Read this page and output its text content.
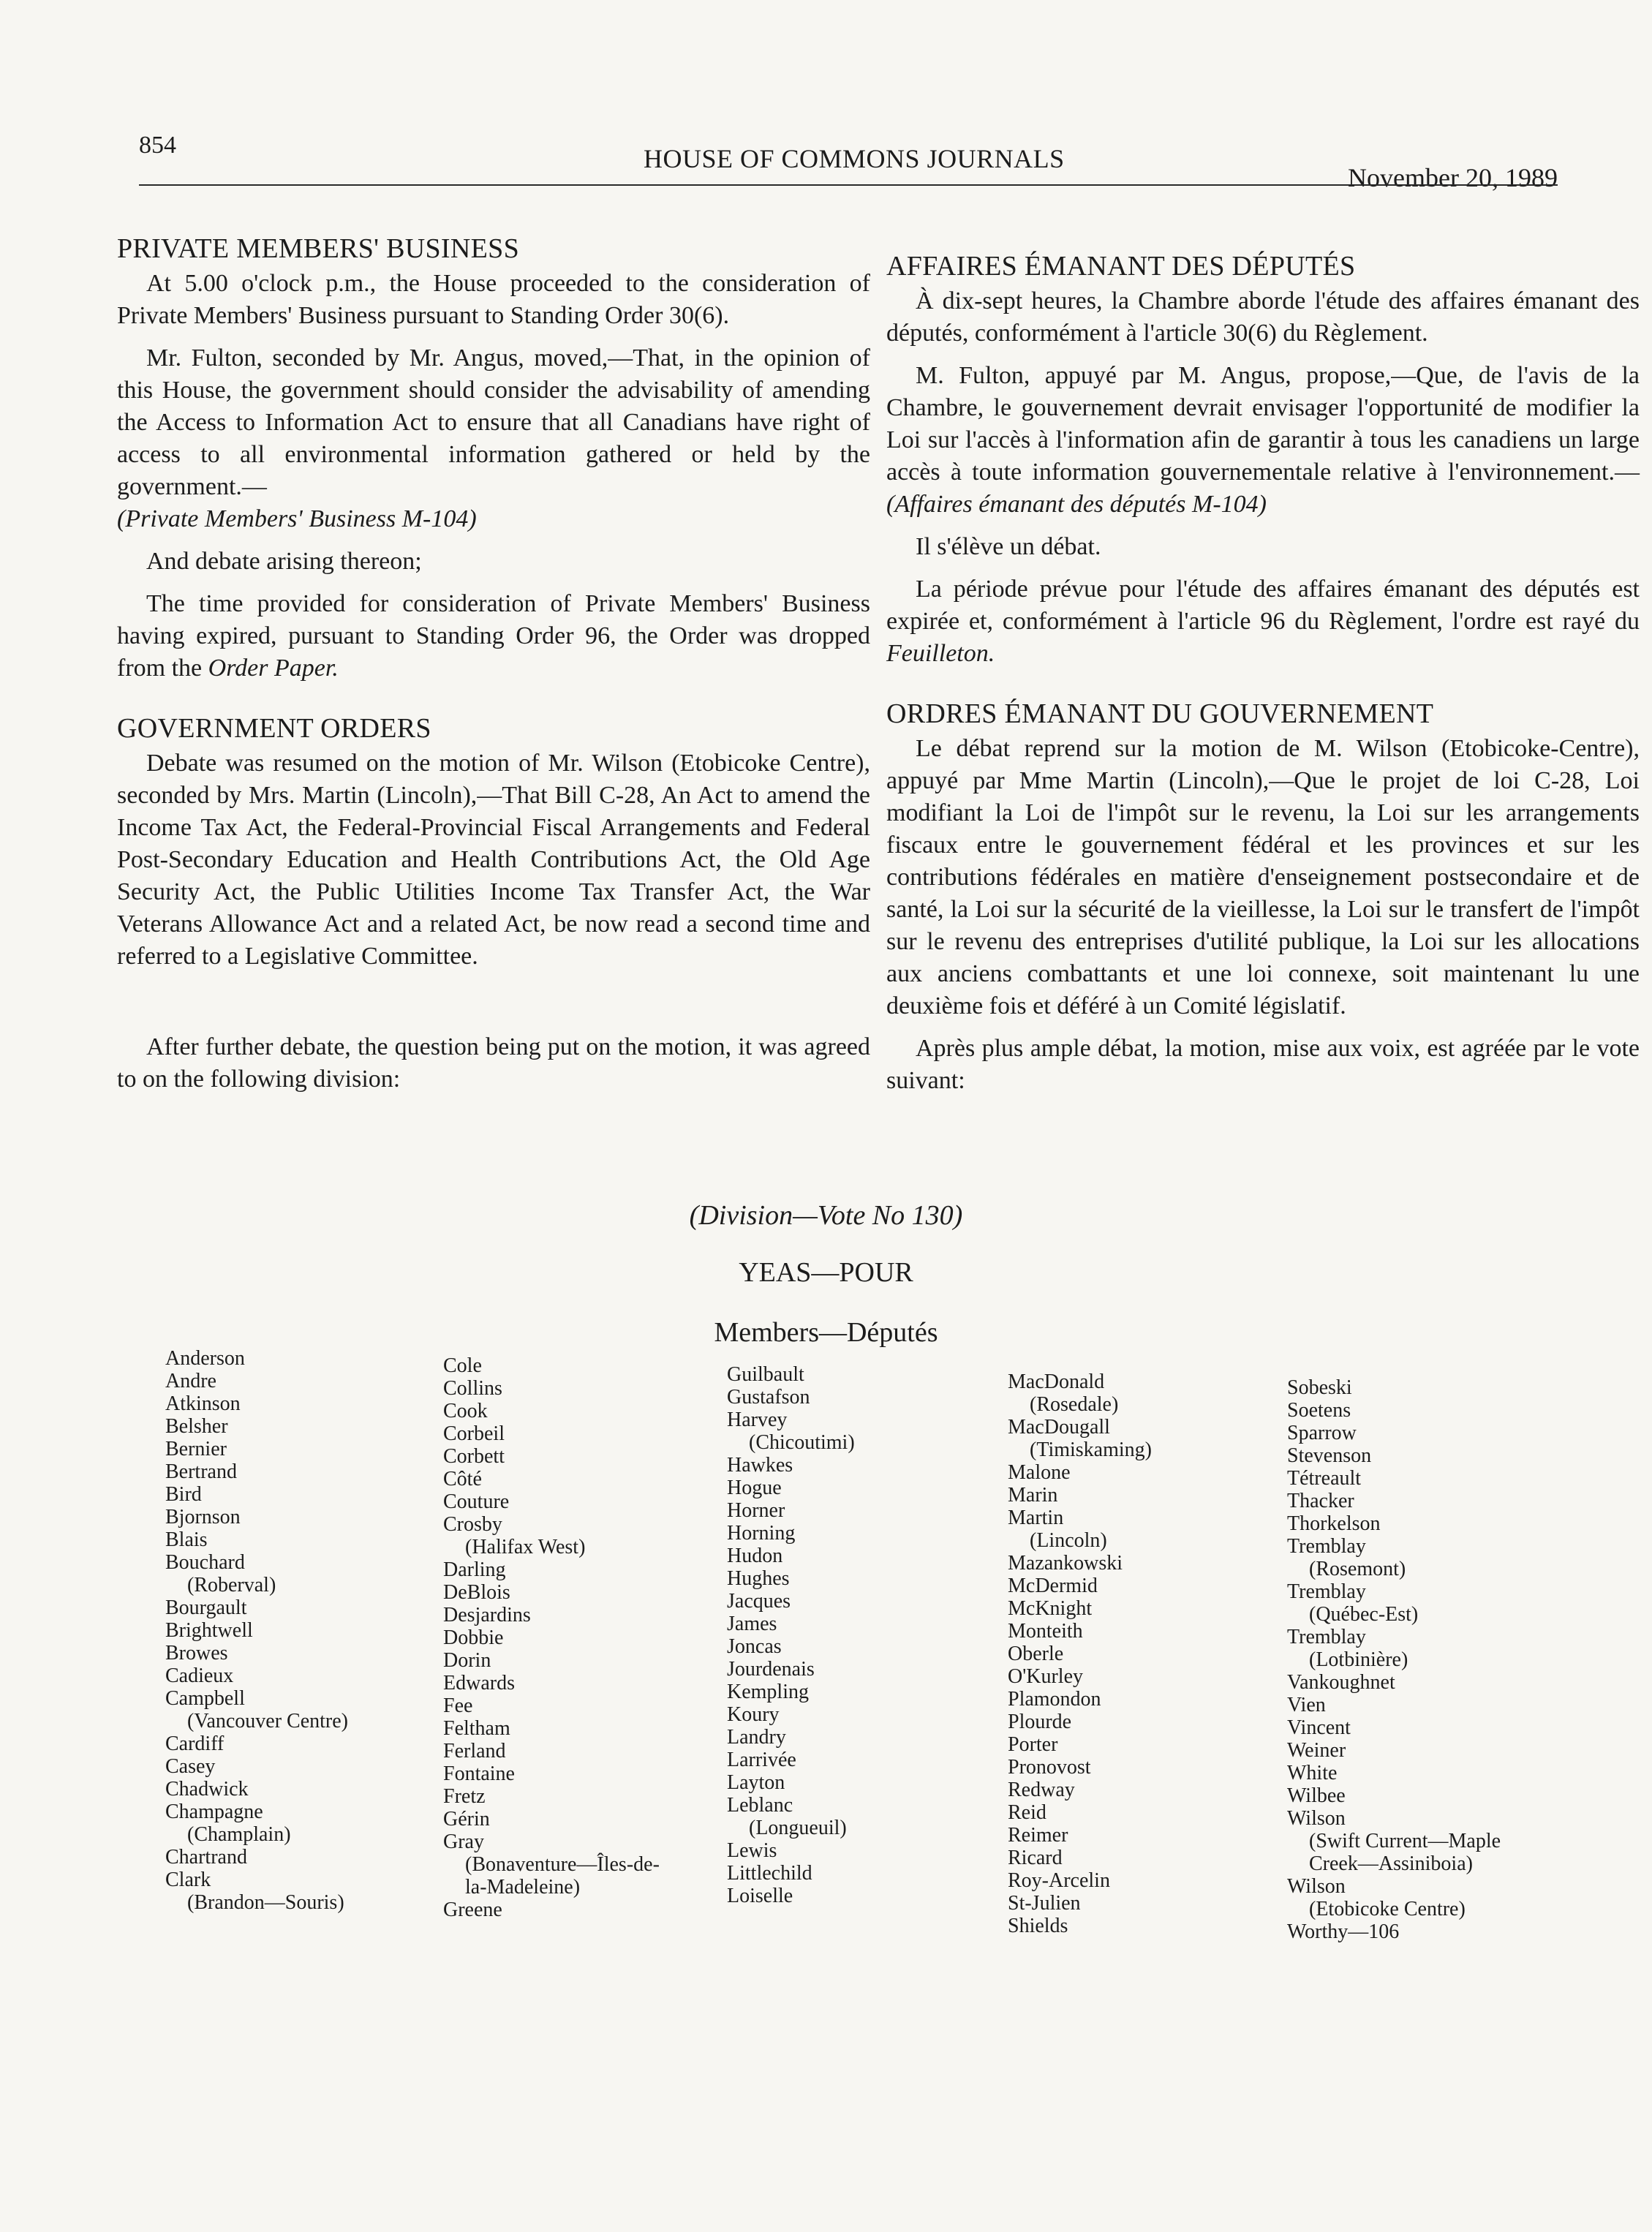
854	HOUSE OF COMMONS JOURNALS
November 20, 1989
PRIVATE MEMBERS' BUSINESS

At 5.00 o'clock p.m., the House proceeded to the consideration of Private Members' Business pursuant to Standing Order 30(6).

Mr. Fulton, seconded by Mr. Angus, moved,—That, in the opinion of this House, the government should consider the advisability of amending the Access to Information Act to ensure that all Canadians have right of access to all environmental information gathered or held by the government.—
(Private Members' Business M-104)

And debate arising thereon;

The time provided for consideration of Private Members' Business having expired, pursuant to Standing Order 96, the Order was dropped from the Order Paper.

GOVERNMENT ORDERS

Debate was resumed on the motion of Mr. Wilson (Etobicoke Centre), seconded by Mrs. Martin (Lincoln),—That Bill C-28, An Act to amend the Income Tax Act, the Federal-Provincial Fiscal Arrangements and Federal Post-Secondary Education and Health Contributions Act, the Old Age Security Act, the Public Utilities Income Tax Transfer Act, the War Veterans Allowance Act and a related Act, be now read a second time and referred to a Legislative Committee.

After further debate, the question being put on the motion, it was agreed to on the following division:

AFFAIRES ÉMANANT DES DÉPUTÉS

À dix-sept heures, la Chambre aborde l'étude des affaires émanant des députés, conformément à l'article 30(6) du Règlement.

M. Fulton, appuyé par M. Angus, propose,—Que, de l'avis de la Chambre, le gouvernement devrait envisager l'opportunité de modifier la Loi sur l'accès à l'information afin de garantir à tous les canadiens un large accès à toute information gouvernementale relative à l'environnement.—(Affaires émanant des députés M-104)

Il s'élève un débat.

La période prévue pour l'étude des affaires émanant des députés est expirée et, conformément à l'article 96 du Règlement, l'ordre est rayé du Feuilleton.

ORDRES ÉMANANT DU GOUVERNEMENT

Le débat reprend sur la motion de M. Wilson (Etobicoke-Centre), appuyé par Mme Martin (Lincoln),—Que le projet de loi C-28, Loi modifiant la Loi de l'impôt sur le revenu, la Loi sur les arrangements fiscaux entre le gouvernement fédéral et les provinces et sur les contributions fédérales en matière d'enseignement postsecondaire et de santé, la Loi sur la sécurité de la vieillesse, la Loi sur le transfert de l'impôt sur le revenu des entreprises d'utilité publique, la Loi sur les allocations aux anciens combattants et une loi connexe, soit maintenant lu une deuxième fois et déféré à un Comité législatif.

Après plus ample débat, la motion, mise aux voix, est agréée par le vote suivant:

(Division—Vote No 130)
YEAS—POUR
Members—Députés
Anderson
Andre
Atkinson
Belsher
Bernier
Bertrand
Bird
Bjornson
Blais
Bouchard
(Roberval)
Bourgault
Brightwell
Browes
Cadieux
Campbell
(Vancouver Centre)
Cardiff
Casey
Chadwick
Champagne
(Champlain)
Chartrand
Clark
(Brandon—Souris)
Cole
Collins
Cook
Corbeil
Corbett
Côté
Couture
Crosby
(Halifax West)
Darling
DeBlois
Desjardins
Dobbie
Dorin
Edwards
Fee
Feltham
Ferland
Fontaine
Fretz
Gérin
Gray
(Bonaventure—Îles-de-
la-Madeleine)
Greene
Guilbault
Gustafson
Harvey
(Chicoutimi)
Hawkes
Hogue
Horner
Horning
Hudon
Hughes
Jacques
James
Joncas
Jourdenais
Kempling
Koury
Landry
Larrivée
Layton
Leblanc
(Longueuil)
Lewis
Littlechild
Loiselle
MacDonald
(Rosedale)
MacDougall
(Timiskaming)
Malone
Marin
Martin
(Lincoln)
Mazankowski
McDermid
McKnight
Monteith
Oberle
O'Kurley
Plamondon
Plourde
Porter
Pronovost
Redway
Reid
Reimer
Ricard
Roy-Arcelin
St-Julien
Shields
Sobeski
Soetens
Sparrow
Stevenson
Tétreault
Thacker
Thorkelson
Tremblay
(Rosemont)
Tremblay
(Québec-Est)
Tremblay
(Lotbinière)
Vankoughnet
Vien
Vincent
Weiner
White
Wilbee
Wilson
(Swift Current—Maple
Creek—Assiniboia)
Wilson
(Etobicoke Centre)
Worthy—106
